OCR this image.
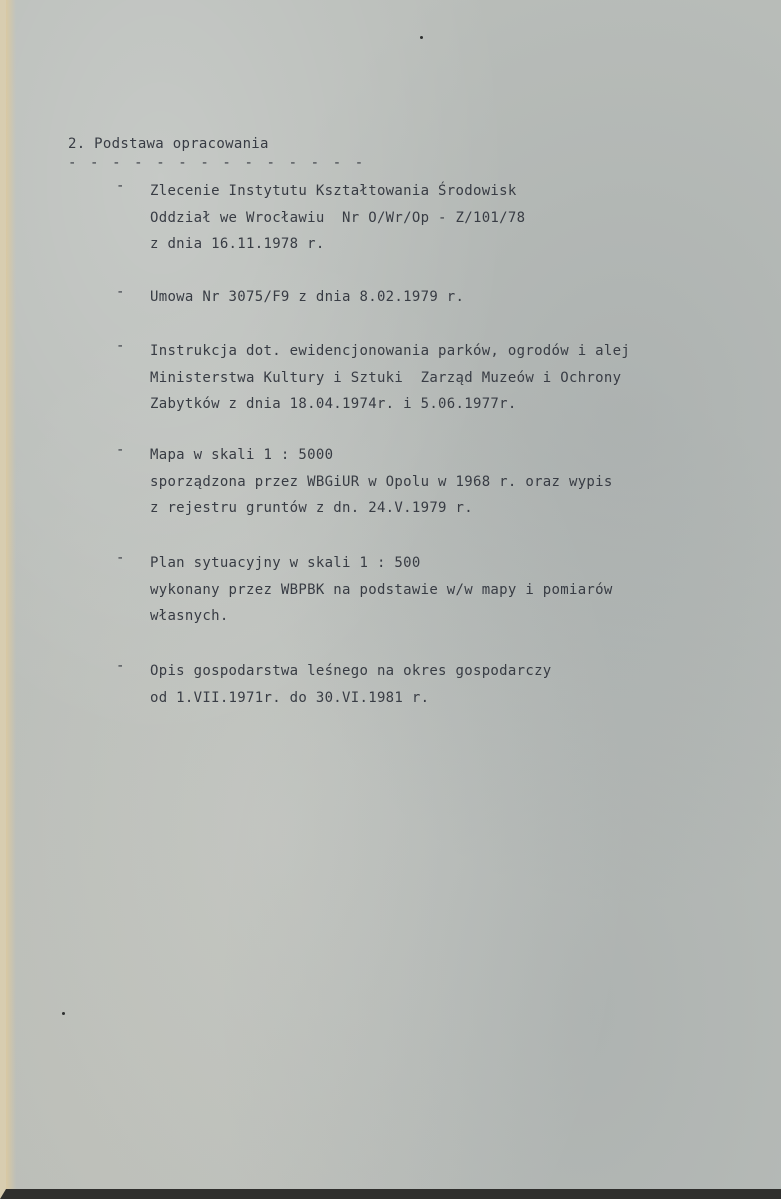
2. Podstawa opracowania
- - - - - - - - - - - - - -
-	Zlecenie Instytutu Kształtowania Środowisk
Oddział we Wrocławiu  Nr O/Wr/Op - Z/101/78
z dnia 16.11.1978 r.
-	Umowa Nr 3075/F9 z dnia 8.02.1979 r.
-	Instrukcja dot. ewidencjonowania parków, ogrodów i alej
Ministerstwa Kultury i Sztuki  Zarząd Muzeów i Ochrony
Zabytków z dnia 18.04.1974r. i 5.06.1977r.
-	Mapa w skali 1 : 5000
sporządzona przez WBGiUR w Opolu w 1968 r. oraz wypis
z rejestru gruntów z dn. 24.V.1979 r.
-	Plan sytuacyjny w skali 1 : 500
wykonany przez WBPBK na podstawie w/w mapy i pomiarów
własnych.
-	Opis gospodarstwa leśnego na okres gospodarczy
od 1.VII.1971r. do 30.VI.1981 r.
